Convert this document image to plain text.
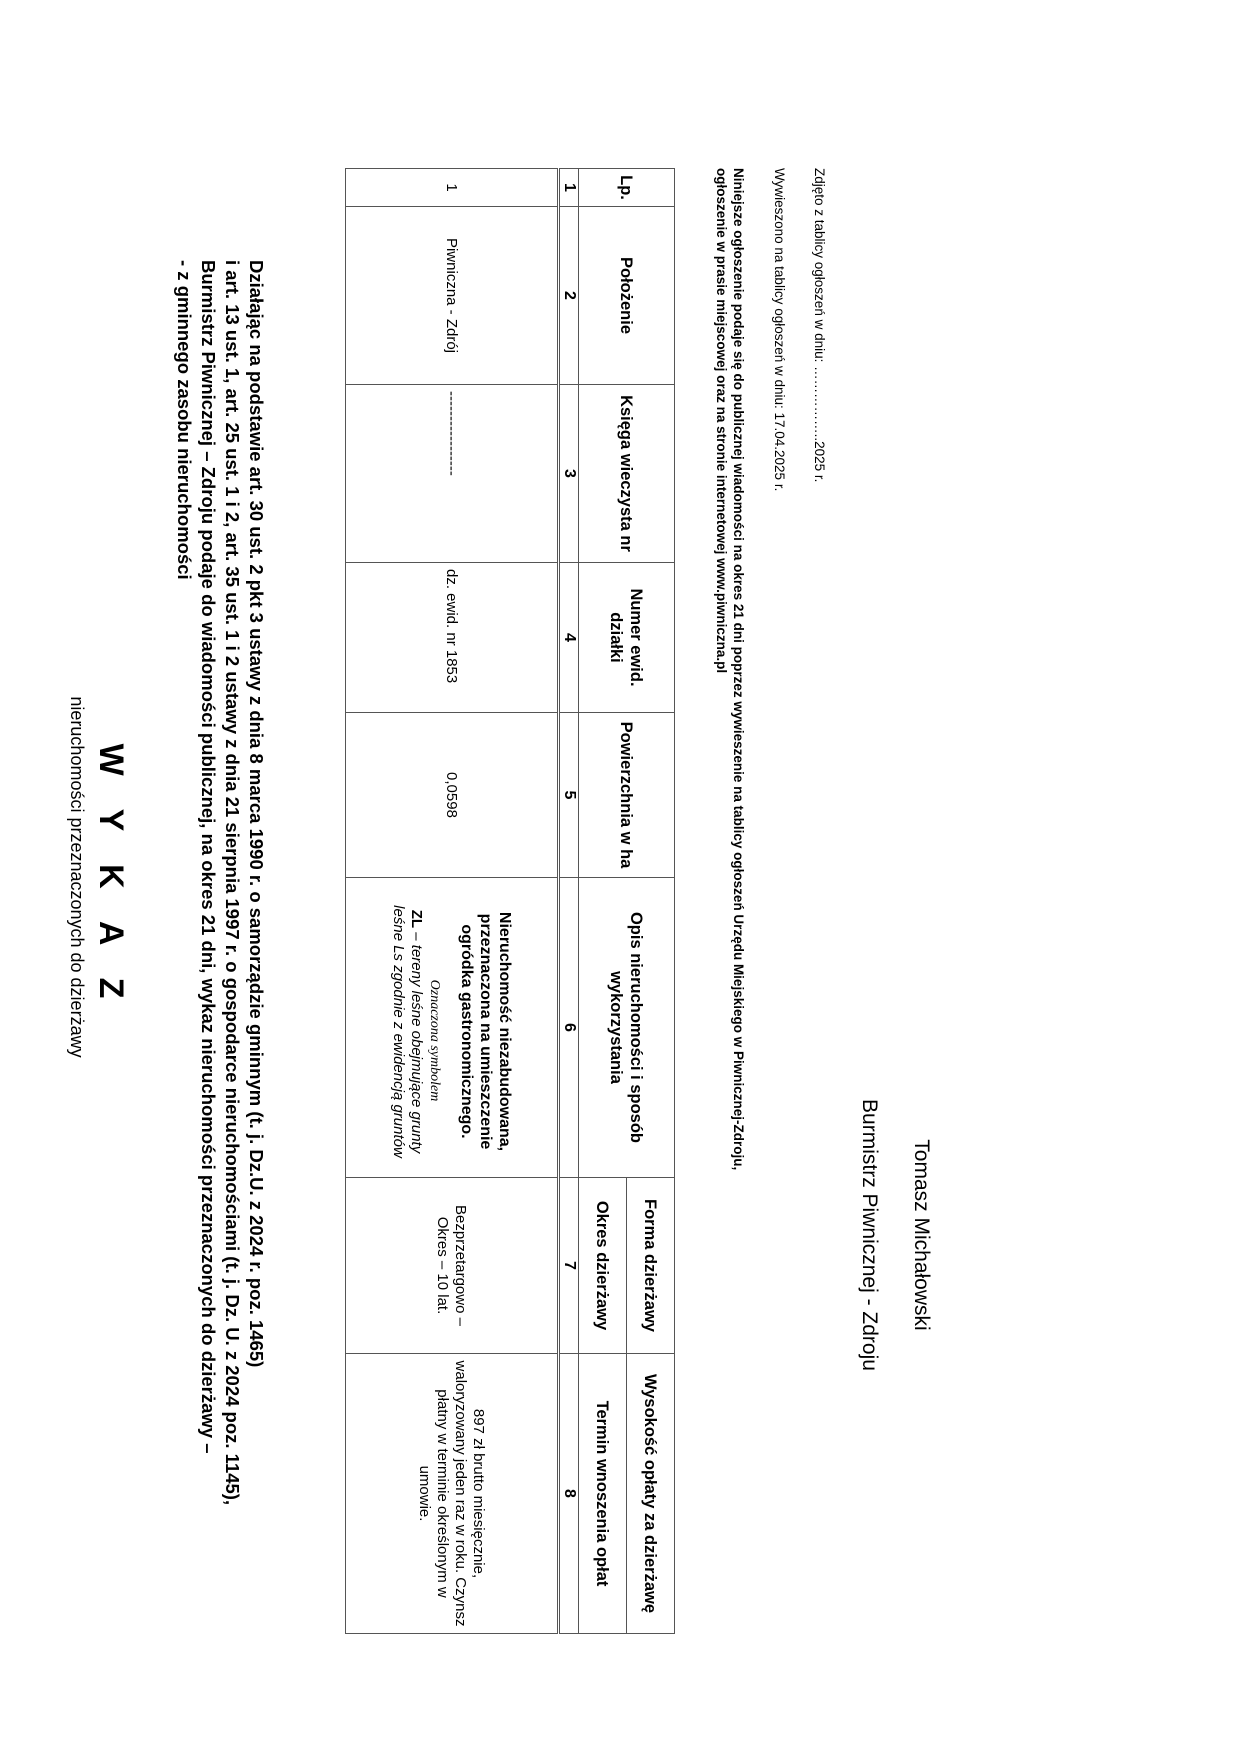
W Y K A Z
nieruchomości przeznaczonych do dzierżawy	Działając na podstawie art. 30 ust. 2 pkt 3 ustawy z dnia 8 marca 1990 r. o samorządzie gminnym (t. j. Dz.U. z 2024 r. poz. 1465)

i art. 13 ust. 1, art. 25 ust. 1 i 2, art. 35 ust. 1 i 2 ustawy z dnia 21 sierpnia 1997 r. o gospodarce nieruchomościami (t. j. Dz. U. z 2024 poz. 1145),

Burmistrz Piwnicznej – Zdroju podaje do wiadomości publicznej, na okres 21 dni, wykaz nieruchomości przeznaczonych do dzierżawy –

- z gminnego zasobu nieruchomości

Lp.	Położenie	Księga wieczysta nr	Numer ewid. działki	Powierzchnia w ha	Opis nieruchomości i sposób wykorzystania	Forma dzierżawy	Wysokość opłaty za dzierżawę
						Okres dzierżawy	Termin wnoszenia opłat
1	2	3	4	5	6	7	8
1	Piwniczna - Zdrój	-----------------	dz. ewid. nr 1853	0,0598	Nieruchomość niezabudowana, przeznaczona na umieszczenie ogródka gastronomicznego.
Oznaczona symbolem
ZL – tereny leśne obejmujące grunty leśne Ls zgodnie z ewidencją gruntów	Bezprzetargowo – Okres – 10 lat.	897 zł brutto miesięcznie, waloryzowany jeden raz w roku. Czynsz płatny w terminie określonym w umowie.
Niniejsze ogłoszenie podaje się do publicznej wiadomości na okres 21 dni poprzez wywieszenie na tablicy ogłoszeń Urzędu Miejskiego w Piwnicznej-Zdroju,
ogłoszenie w prasie miejscowej oraz na stronie internetowej www.piwniczna.pl	Wywieszono na tablicy ogłoszeń w dniu: 17.04.2025 r. Zdjęto z tablicy ogłoszeń w dniu: ……………..2025 r.
Burmistrz Piwnicznej - Zdroju Tomasz Michałowski
